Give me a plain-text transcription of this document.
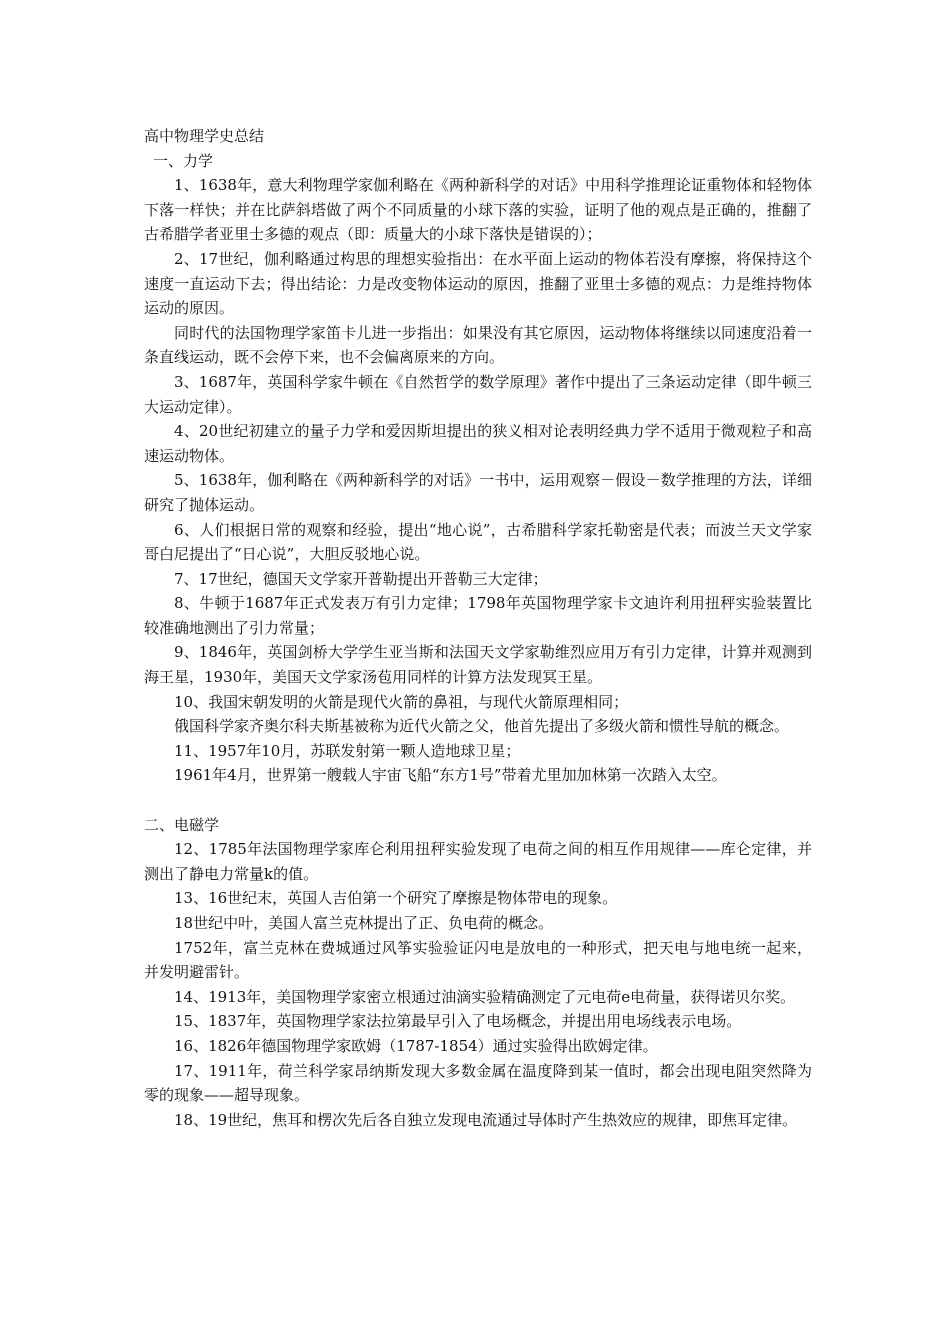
高中物理学史总结

一、力学

1、1638年，意大利物理学家伽利略在《两种新科学的对话》中用科学推理论证重物体和轻物体下落一样快；并在比萨斜塔做了两个不同质量的小球下落的实验，证明了他的观点是正确的，推翻了古希腊学者亚里士多德的观点（即：质量大的小球下落快是错误的）；

2、17世纪，伽利略通过构思的理想实验指出：在水平面上运动的物体若没有摩擦，将保持这个速度一直运动下去；得出结论：力是改变物体运动的原因，推翻了亚里士多德的观点：力是维持物体运动的原因。

同时代的法国物理学家笛卡儿进一步指出：如果没有其它原因，运动物体将继续以同速度沿着一条直线运动，既不会停下来，也不会偏离原来的方向。

3、1687年，英国科学家牛顿在《自然哲学的数学原理》著作中提出了三条运动定律（即牛顿三大运动定律）。

4、20世纪初建立的量子力学和爱因斯坦提出的狭义相对论表明经典力学不适用于微观粒子和高速运动物体。

5、1638年，伽利略在《两种新科学的对话》一书中，运用观察－假设－数学推理的方法，详细研究了抛体运动。

6、人们根据日常的观察和经验，提出“地心说”，古希腊科学家托勒密是代表；而波兰天文学家哥白尼提出了“日心说”，大胆反驳地心说。

7、17世纪，德国天文学家开普勒提出开普勒三大定律；

8、牛顿于1687年正式发表万有引力定律；1798年英国物理学家卡文迪许利用扭秤实验装置比较准确地测出了引力常量；

9、1846年，英国剑桥大学学生亚当斯和法国天文学家勒维烈应用万有引力定律，计算并观测到海王星，1930年，美国天文学家汤苞用同样的计算方法发现冥王星。

10、我国宋朝发明的火箭是现代火箭的鼻祖，与现代火箭原理相同；

俄国科学家齐奥尔科夫斯基被称为近代火箭之父，他首先提出了多级火箭和惯性导航的概念。

11、1957年10月，苏联发射第一颗人造地球卫星；

1961年4月，世界第一艘载人宇宙飞船“东方1号”带着尤里加加林第一次踏入太空。

二、电磁学

12、1785年法国物理学家库仑利用扭秤实验发现了电荷之间的相互作用规律——库仑定律，并测出了静电力常量k的值。

13、16世纪末，英国人吉伯第一个研究了摩擦是物体带电的现象。

18世纪中叶，美国人富兰克林提出了正、负电荷的概念。

1752年，富兰克林在费城通过风筝实验验证闪电是放电的一种形式，把天电与地电统一起来，并发明避雷针。

14、1913年，美国物理学家密立根通过油滴实验精确测定了元电荷e电荷量，获得诺贝尔奖。

15、1837年，英国物理学家法拉第最早引入了电场概念，并提出用电场线表示电场。

16、1826年德国物理学家欧姆（1787-1854）通过实验得出欧姆定律。

17、1911年，荷兰科学家昂纳斯发现大多数金属在温度降到某一值时，都会出现电阻突然降为零的现象——超导现象。

18、19世纪，焦耳和楞次先后各自独立发现电流通过导体时产生热效应的规律，即焦耳定律。
